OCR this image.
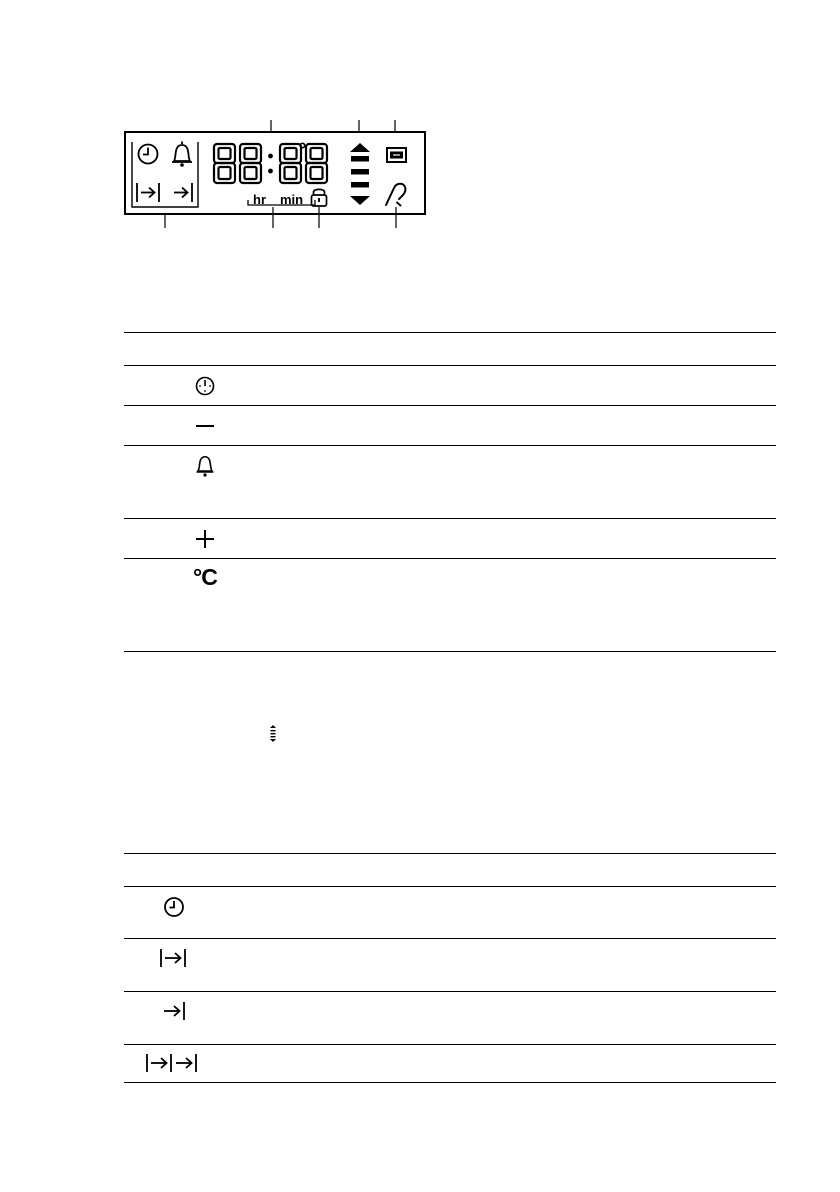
hr min

°C	
